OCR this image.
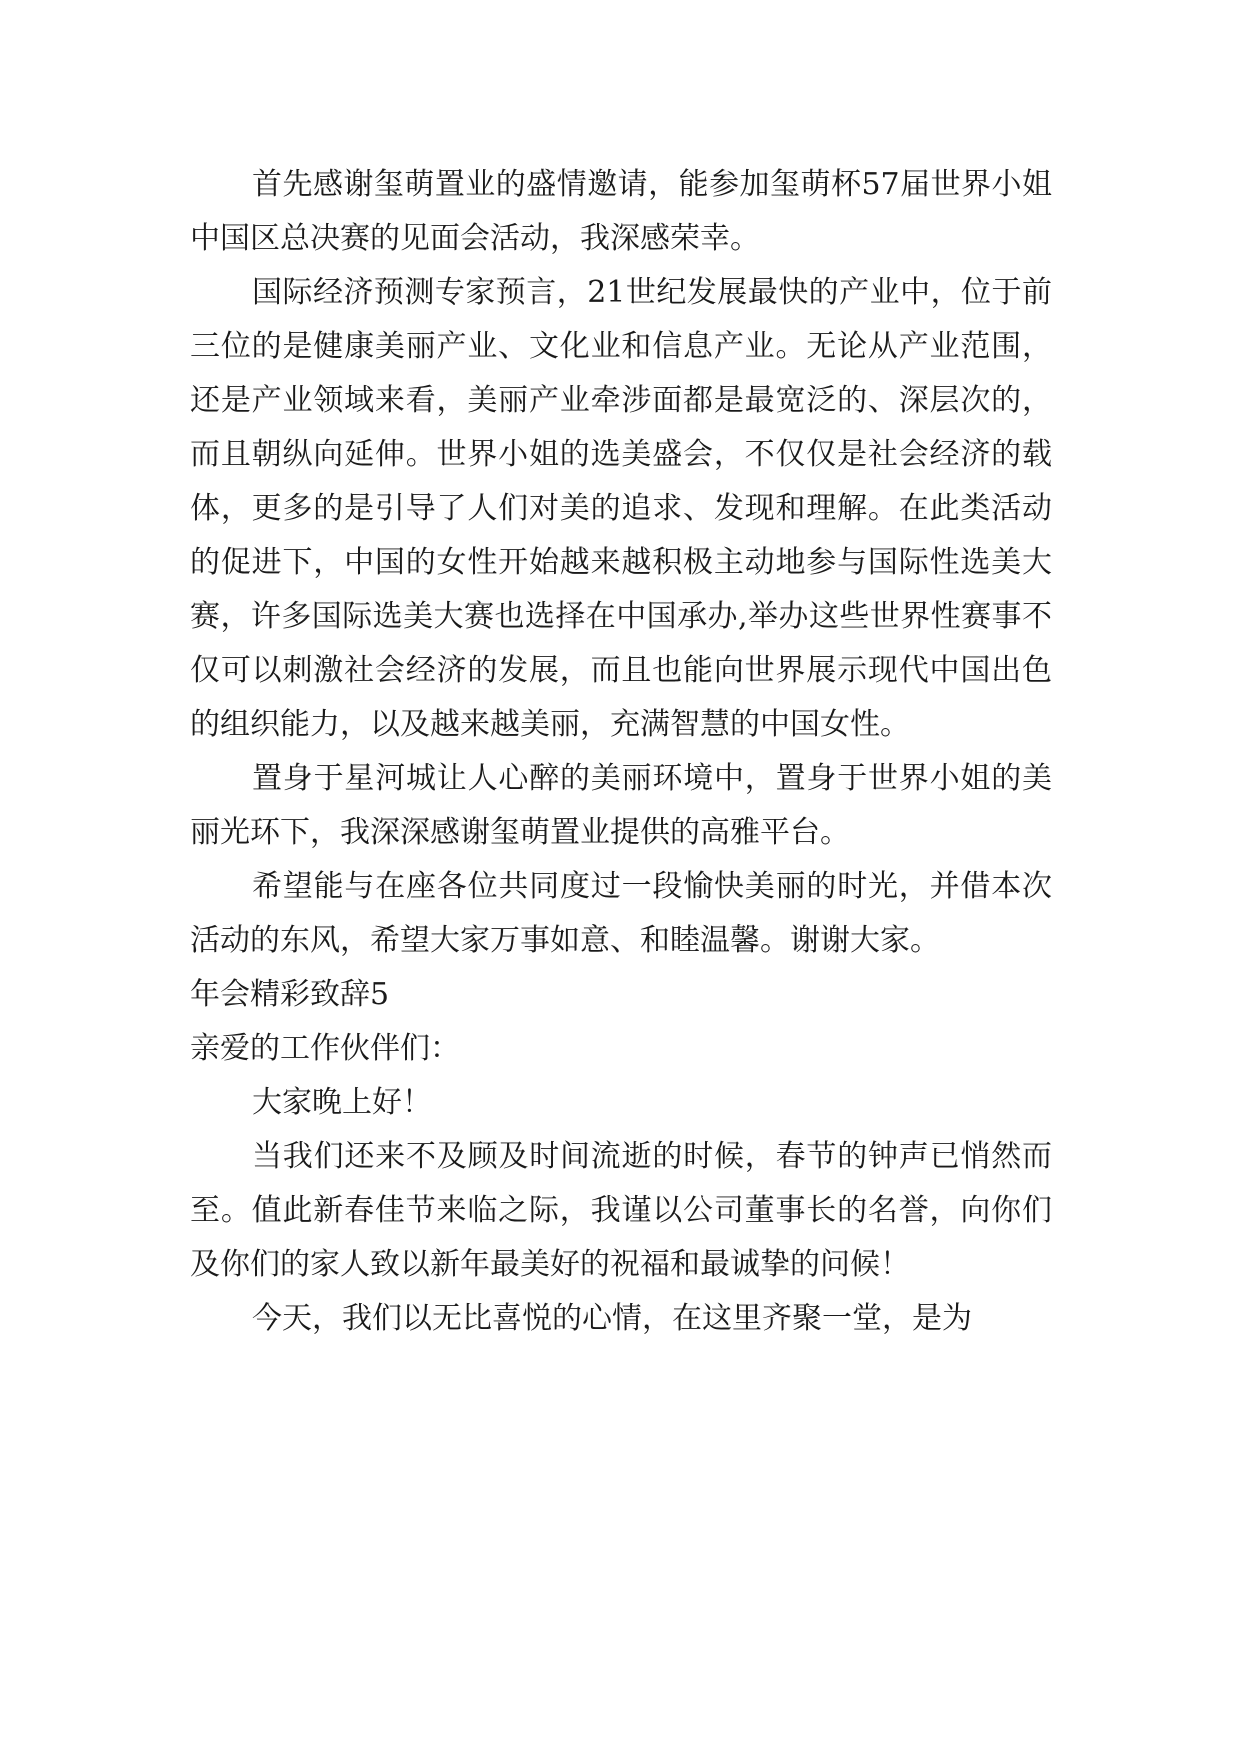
首先感谢玺萌置业的盛情邀请，能参加玺萌杯57届世界小姐中国区总决赛的见面会活动，我深感荣幸。

国际经济预测专家预言，21世纪发展最快的产业中，位于前三位的是健康美丽产业、文化业和信息产业。无论从产业范围，还是产业领域来看，美丽产业牵涉面都是最宽泛的、深层次的，而且朝纵向延伸。世界小姐的选美盛会，不仅仅是社会经济的载体，更多的是引导了人们对美的追求、发现和理解。在此类活动的促进下，中国的女性开始越来越积极主动地参与国际性选美大赛，许多国际选美大赛也选择在中国承办,举办这些世界性赛事不仅可以刺激社会经济的发展，而且也能向世界展示现代中国出色的组织能力，以及越来越美丽，充满智慧的中国女性。

置身于星河城让人心醉的美丽环境中，置身于世界小姐的美丽光环下，我深深感谢玺萌置业提供的高雅平台。

希望能与在座各位共同度过一段愉快美丽的时光，并借本次活动的东风，希望大家万事如意、和睦温馨。谢谢大家。

年会精彩致辞5

亲爱的工作伙伴们：

大家晚上好！

当我们还来不及顾及时间流逝的时候，春节的钟声已悄然而至。值此新春佳节来临之际，我谨以公司董事长的名誉，向你们及你们的家人致以新年最美好的祝福和最诚挚的问候！

今天，我们以无比喜悦的心情，在这里齐聚一堂，是为
